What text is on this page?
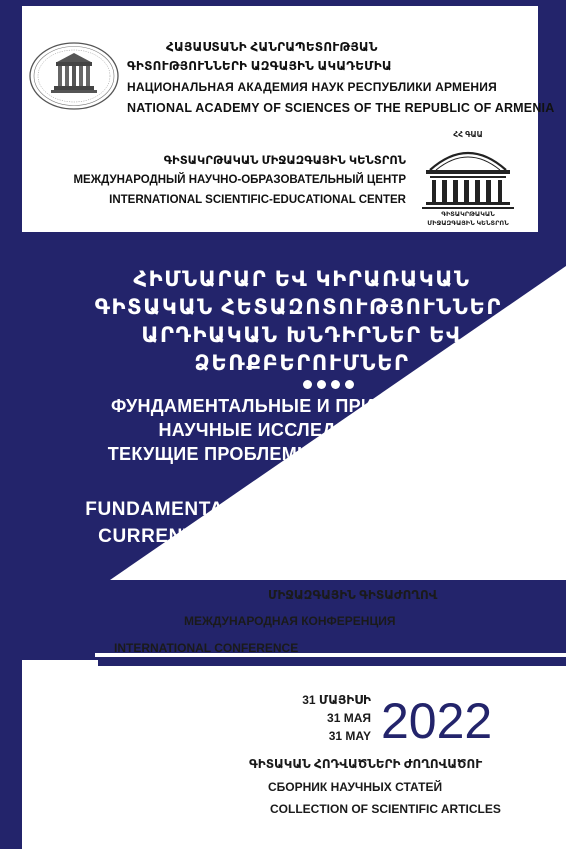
ՀԱՅԱՍՏԱՆԻ ՀԱՆՐԱՊԵՏՈՒԹՅԱՆ
ԳԻՏՈՒԹՅՈՒՆՆԵՐԻ ԱԶԳԱՅԻՆ ԱԿԱԴԵՄԻԱ
НАЦИОНАЛЬНАЯ АКАДЕМИЯ НАУК РЕСПУБЛИКИ АРМЕНИЯ
NATIONAL ACADEMY OF SCIENCES OF THE REPUBLIC OF ARMENIA
ԳԻՏԱԿՐԹԱԿԱՆ ՄԻՋԱԶԳԱՅԻՆ ԿԵՆՏՐՈՆ
МЕЖДУНАРОДНЫЙ НАУЧНО-ОБРАЗОВАТЕЛЬНЫЙ ЦЕНТР
INTERNATIONAL SCIENTIFIC-EDUCATIONAL CENTER
ՀՀ ԳԱԱ
ԳԻՏԱԿՐԹԱԿԱՆ
ՄԻՋԱԶԳԱՅԻՆ ԿԵՆՏՐՈՆ
ՀԻՄՆԱՐԱՐ ԵՎ ԿԻՐԱՌԱԿԱՆ
ԳԻՏԱԿԱՆ ՀԵՏԱԶՈՏՈՒԹՅՈՒՆՆԵՐ.
ԱՐԴԻԱԿԱՆ ԽՆԴԻՐՆԵՐ ԵՎ
ՁԵՌՔԲԵՐՈՒՄՆԵՐ
ФУНДАМЕНТАЛЬНЫЕ И ПРИКЛАДНЫЕ
НАУЧНЫЕ ИССЛЕДОВАНИЯ:
ТЕКУЩИЕ ПРОБЛЕМЫ И ДОСТИЖЕНИЯ
FUNDAMENTAL AND APPLIED RESEARCH.
CURRENT ISSUES AND ACHIEVEMENTS
ՄԻՋԱԶԳԱՅԻՆ ԳԻՏԱԺՈՂՈՎ
МЕЖДУНАРОДНАЯ КОНФЕРЕНЦИЯ
INTERNATIONAL CONFERENCE
31 ՄԱՅԻՍԻ
31 МАЯ
31 MAY 2022
ԳԻՏԱԿԱՆ ՀՈԴՎԱԾՆԵՐԻ ԺՈՂՈՎԱԾՈՒ
СБОРНИК НАУЧНЫХ СТАТЕЙ
COLLECTION OF SCIENTIFIC ARTICLES
